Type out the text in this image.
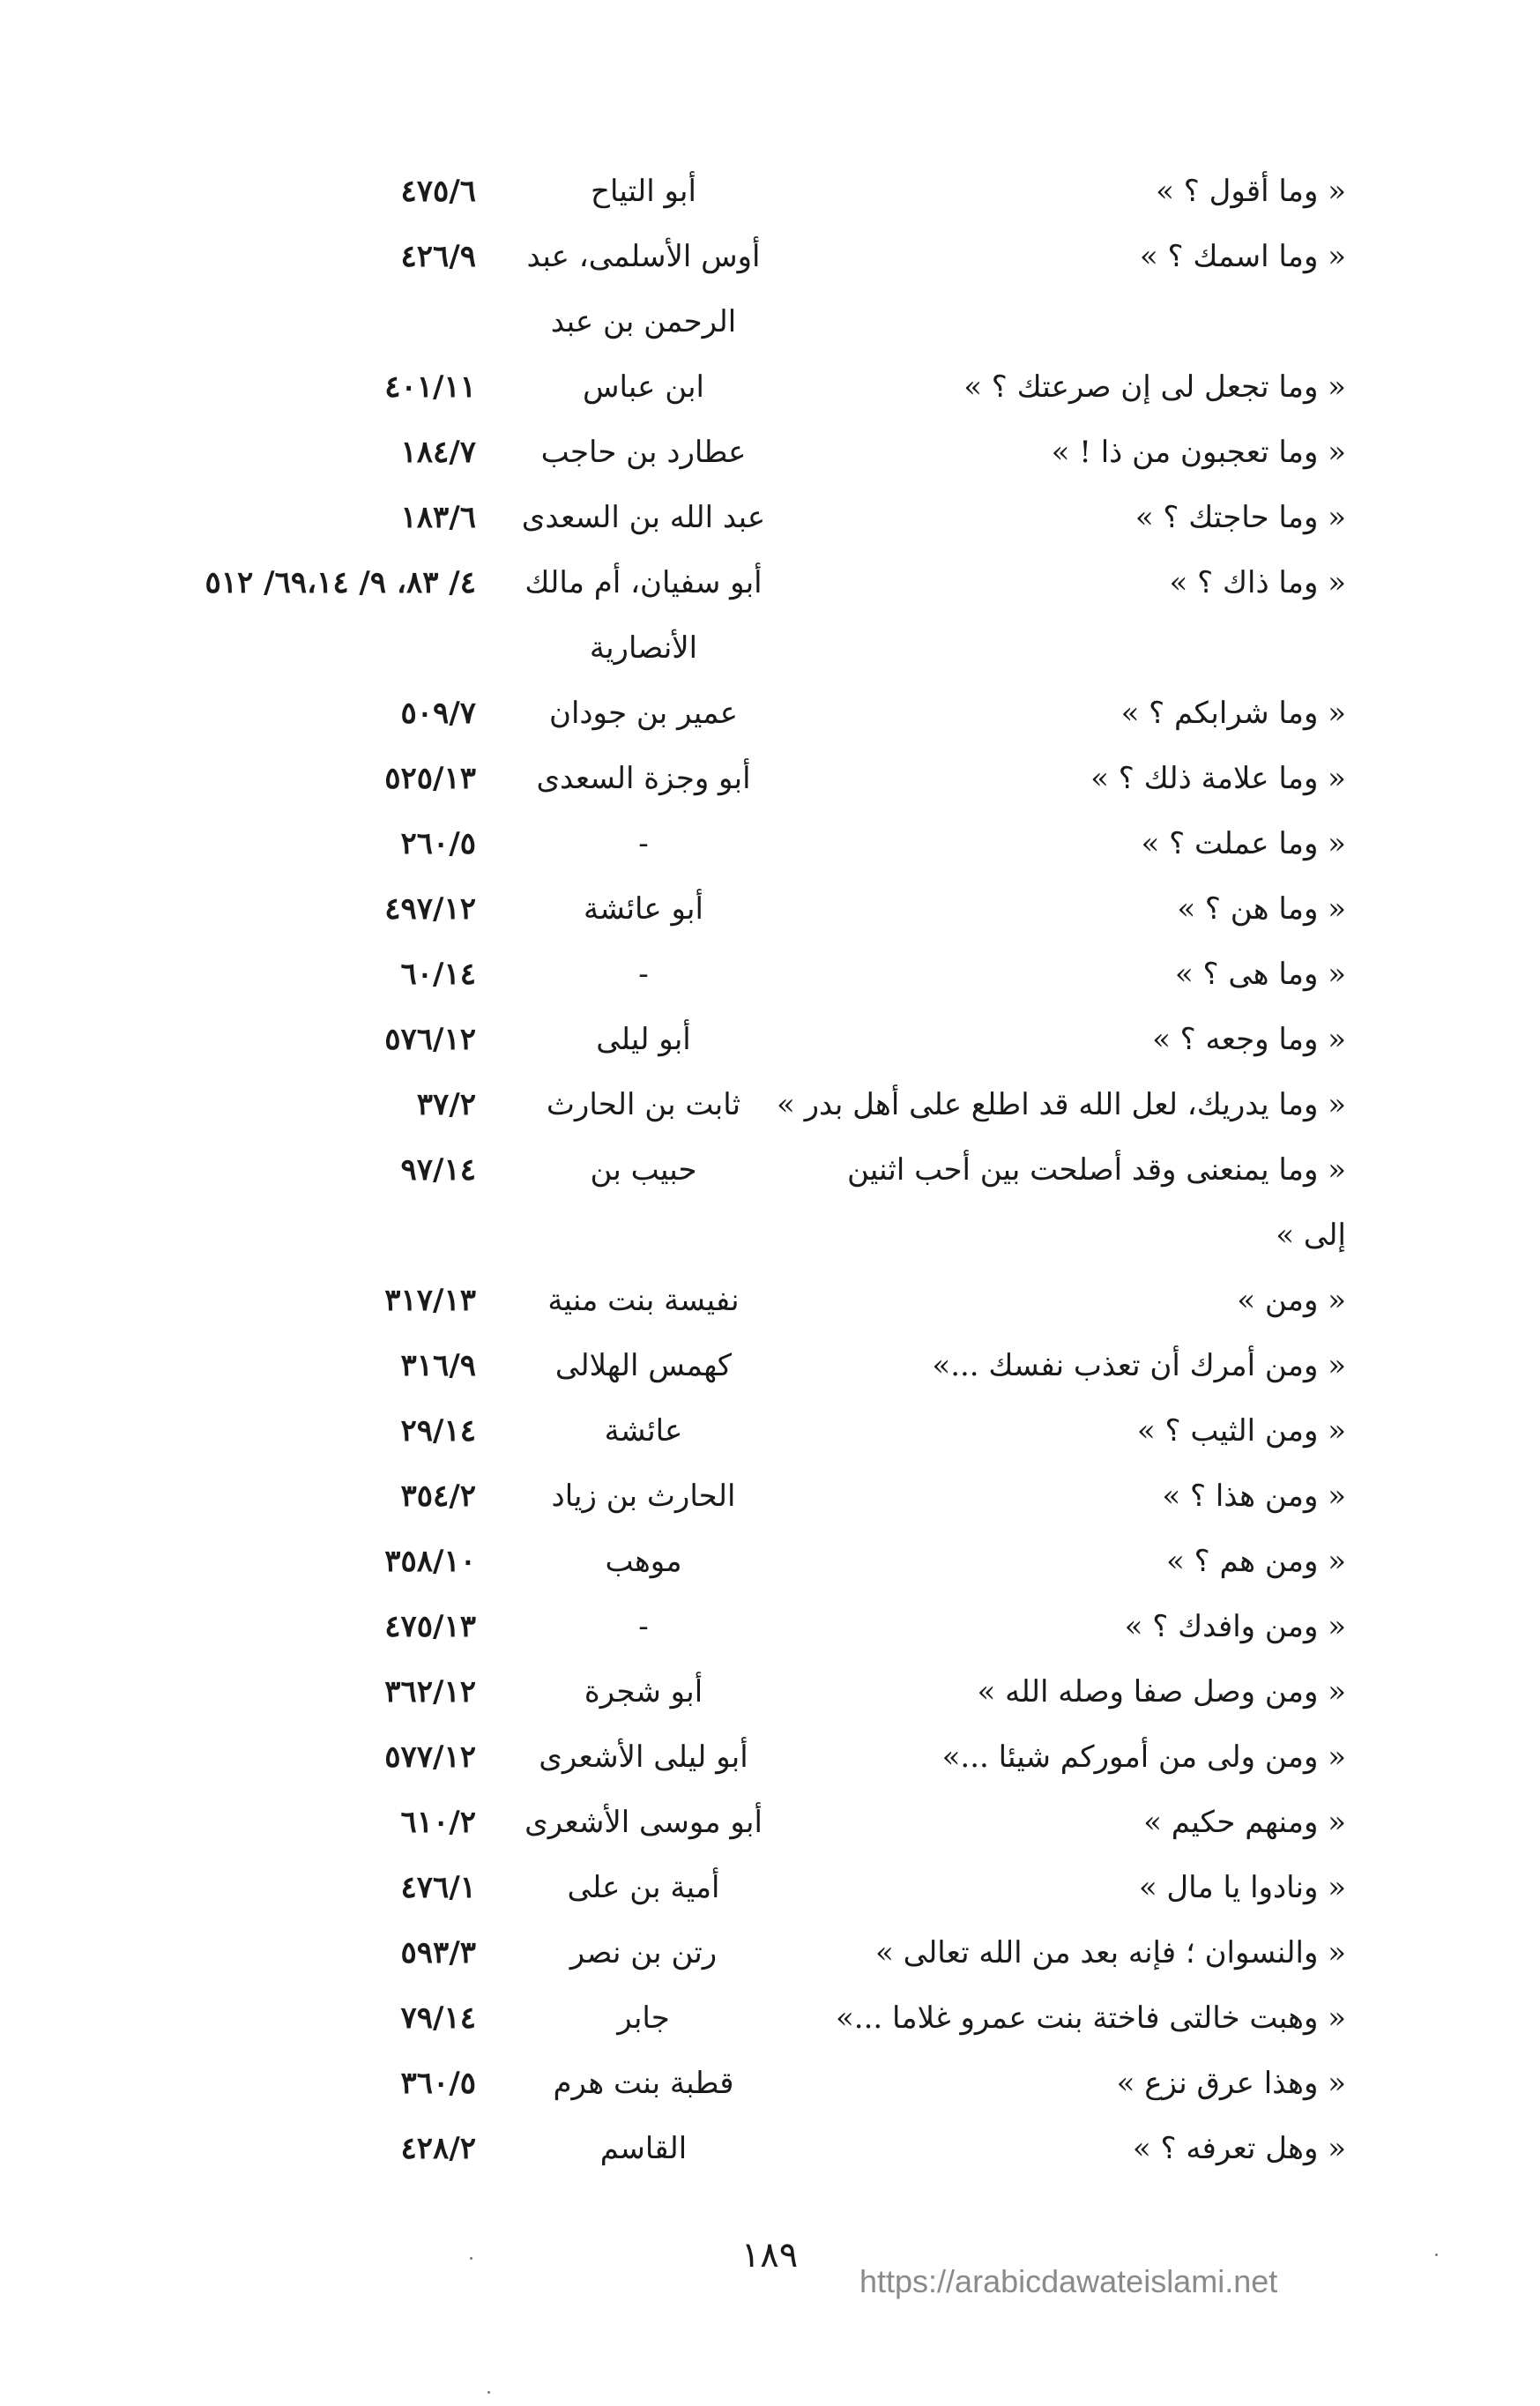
« وما أقول ؟ »
أبو التياح
٤٧٥/٦
« وما اسمك ؟ »
أوس الأسلمى، عبد
٤٢٦/٩
الرحمن بن عبد
« وما تجعل لى إن صرعتك ؟ »
ابن عباس
٤٠١/١١
« وما تعجبون من ذا ! »
عطارد بن حاجب
١٨٤/٧
« وما حاجتك ؟ »
عبد الله بن السعدى
١٨٣/٦
« وما ذاك ؟ »
أبو سفيان، أم مالك
٤/ ٨٣، ٩/ ٦٩،١٤/ ٥١٢
الأنصارية
« وما شرابكم ؟ »
عمير بن جودان
٥٠٩/٧
« وما علامة ذلك ؟ »
أبو وجزة السعدى
٥٢٥/١٣
« وما عملت ؟ »
-
٢٦٠/٥
« وما هن ؟ »
أبو عائشة
٤٩٧/١٢
« وما هى ؟ »
-
٦٠/١٤
« وما وجعه ؟ »
أبو ليلى
٥٧٦/١٢
« وما يدريك، لعل الله قد اطلع على أهل بدر »
ثابت بن الحارث
٣٧/٢
« وما يمنعنى وقد أصلحت بين أحب اثنين
حبيب بن
٩٧/١٤
إلى »
« ومن »
نفيسة بنت منية
٣١٧/١٣
« ومن أمرك أن تعذب نفسك ...»
كهمس الهلالى
٣١٦/٩
« ومن الثيب ؟ »
عائشة
٢٩/١٤
« ومن هذا ؟ »
الحارث بن زياد
٣٥٤/٢
« ومن هم ؟ »
موهب
٣٥٨/١٠
« ومن وافدك ؟ »
-
٤٧٥/١٣
« ومن وصل صفا وصله الله »
أبو شجرة
٣٦٢/١٢
« ومن ولى من أموركم شيئا ...»
أبو ليلى الأشعرى
٥٧٧/١٢
« ومنهم حكيم »
أبو موسى الأشعرى
٦١٠/٢
« ونادوا يا مال »
أمية بن على
٤٧٦/١
« والنسوان ؛ فإنه بعد من الله تعالى »
رتن بن نصر
٥٩٣/٣
« وهبت خالتى فاختة بنت عمرو غلاما ...»
جابر
٧٩/١٤
« وهذا عرق نزع »
قطبة بنت هرم
٣٦٠/٥
« وهل تعرفه ؟ »
القاسم
٤٢٨/٢
١٨٩
https://arabicdawateislami.net
